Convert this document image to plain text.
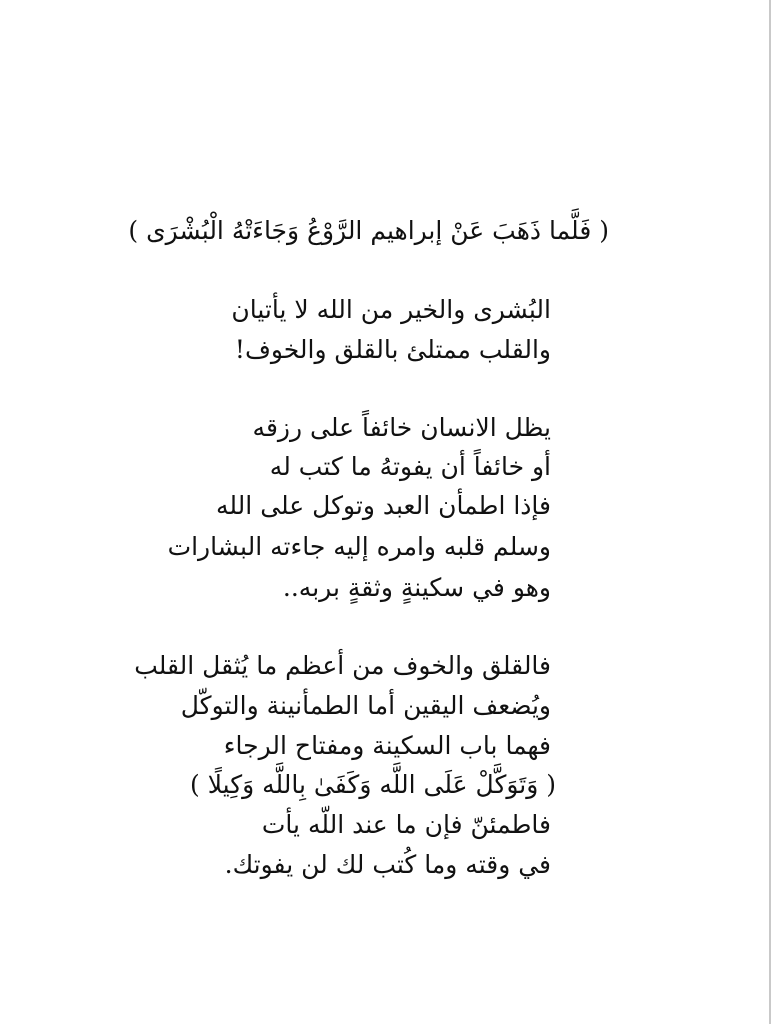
( فَلَّما ذَهَبَ عَنْ إبراهيم الرَّوْعُ وَجَاءَتْهُ الْبُشْرَى )

البُشرى والخير من الله لا يأتيان

والقلب ممتلئ بالقلق والخوف!

يظل الانسان خائفاً على رزقه

أو خائفاً أن يفوتهُ ما كتب له

فإذا اطمأن العبد وتوكل على الله

وسلم قلبه وامره إليه جاءته البشارات

وهو في سكينةٍ وثقةٍ بربه..

فالقلق والخوف من أعظم ما يُثقل القلب

ويُضعف اليقين أما الطمأنينة والتوكّل

فهما باب السكينة ومفتاح الرجاء

( وَتَوَكَّلْ عَلَى اللَّه وَكَفَىٰ بِاللَّه وَكِيلًا )

فاطمئنّ فإن ما عند اللّه يأت

في وقته وما كُتب لك لن يفوتك.
